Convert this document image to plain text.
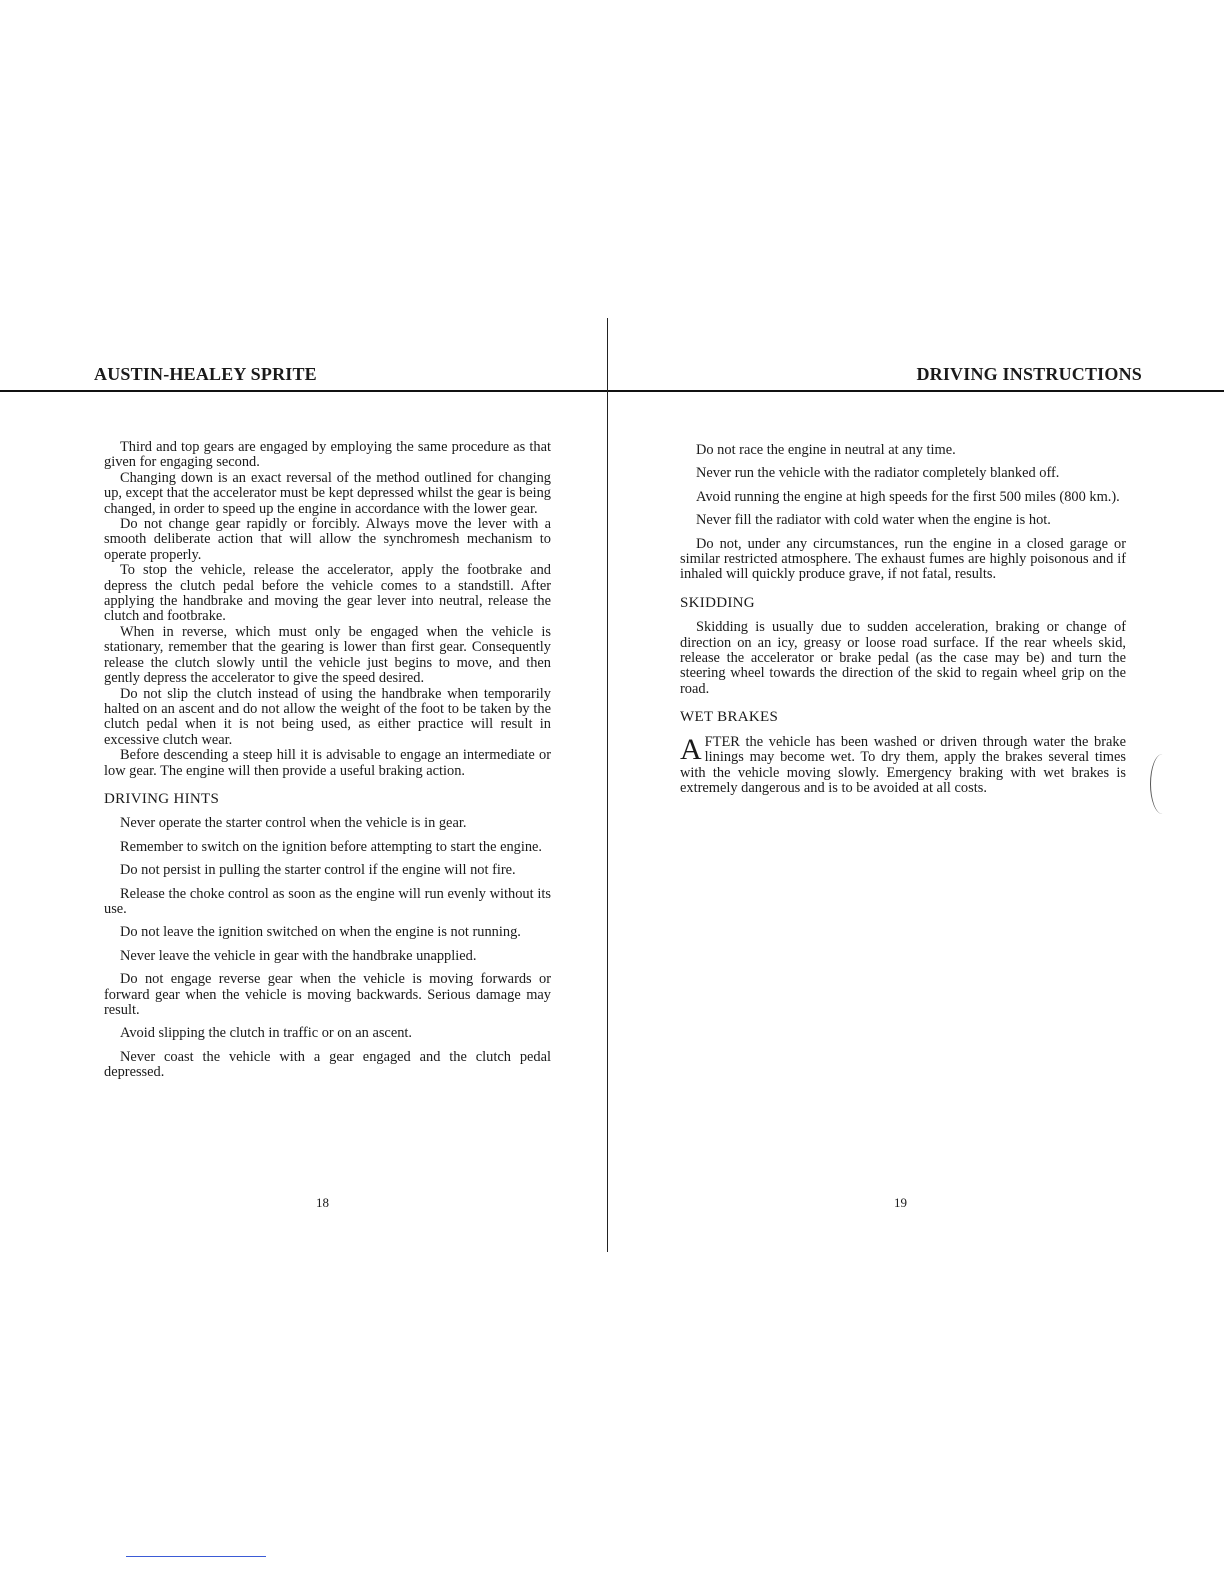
AUSTIN-HEALEY SPRITE	DRIVING INSTRUCTIONS

Third and top gears are engaged by employing the same procedure as that given for engaging second.

Changing down is an exact reversal of the method outlined for changing up, except that the accelerator must be kept depressed whilst the gear is being changed, in order to speed up the engine in accordance with the lower gear.

Do not change gear rapidly or forcibly. Always move the lever with a smooth deliberate action that will allow the synchromesh mechanism to operate properly.

To stop the vehicle, release the accelerator, apply the footbrake and depress the clutch pedal before the vehicle comes to a standstill. After applying the handbrake and moving the gear lever into neutral, release the clutch and footbrake.

When in reverse, which must only be engaged when the vehicle is stationary, remember that the gearing is lower than first gear. Consequently release the clutch slowly until the vehicle just begins to move, and then gently depress the accelerator to give the speed desired.

Do not slip the clutch instead of using the handbrake when temporarily halted on an ascent and do not allow the weight of the foot to be taken by the clutch pedal when it is not being used, as either practice will result in excessive clutch wear.

Before descending a steep hill it is advisable to engage an intermediate or low gear. The engine will then provide a useful braking action.

DRIVING HINTS

Never operate the starter control when the vehicle is in gear.

Remember to switch on the ignition before attempting to start the engine.

Do not persist in pulling the starter control if the engine will not fire.

Release the choke control as soon as the engine will run evenly without its use.

Do not leave the ignition switched on when the engine is not running.

Never leave the vehicle in gear with the handbrake unapplied.

Do not engage reverse gear when the vehicle is moving forwards or forward gear when the vehicle is moving backwards. Serious damage may result.

Avoid slipping the clutch in traffic or on an ascent.

Never coast the vehicle with a gear engaged and the clutch pedal depressed.

18

Do not race the engine in neutral at any time.

Never run the vehicle with the radiator completely blanked off.

Avoid running the engine at high speeds for the first 500 miles (800 km.).

Never fill the radiator with cold water when the engine is hot.

Do not, under any circumstances, run the engine in a closed garage or similar restricted atmosphere. The exhaust fumes are highly poisonous and if inhaled will quickly produce grave, if not fatal, results.

SKIDDING

Skidding is usually due to sudden acceleration, braking or change of direction on an icy, greasy or loose road surface. If the rear wheels skid, release the accelerator or brake pedal (as the case may be) and turn the steering wheel towards the direction of the skid to regain wheel grip on the road.

WET BRAKES

AFTER the vehicle has been washed or driven through water the brake linings may become wet. To dry them, apply the brakes several times with the vehicle moving slowly. Emergency braking with wet brakes is extremely dangerous and is to be avoided at all costs.

19
